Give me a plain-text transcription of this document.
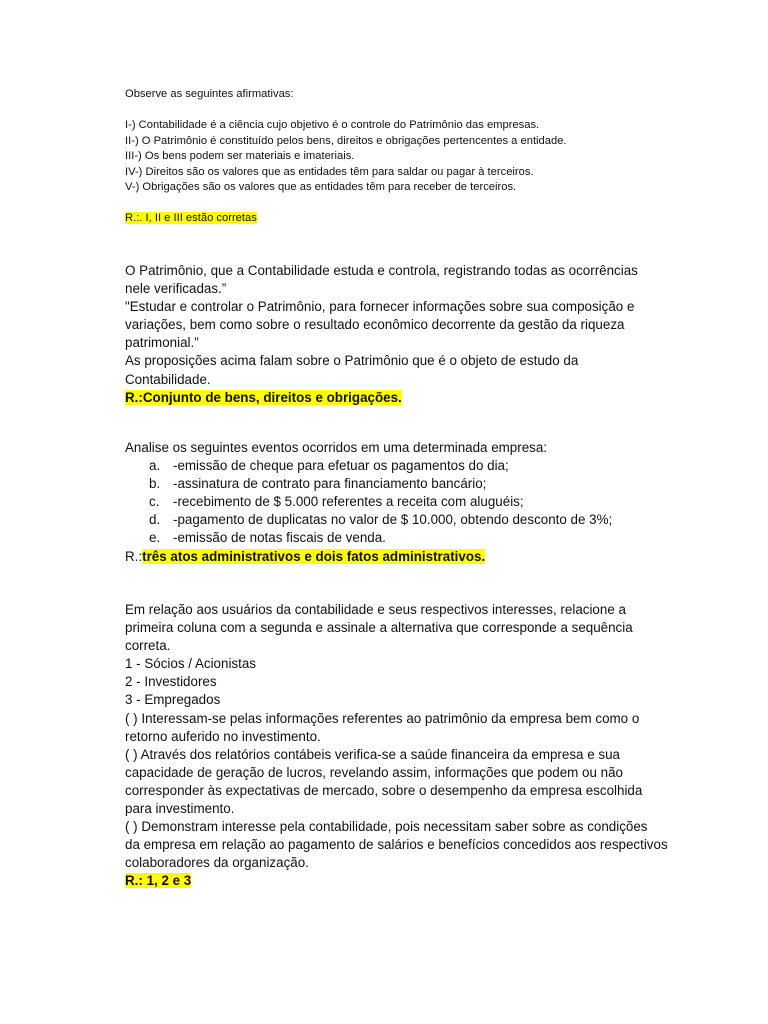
Observe as seguintes afirmativas:
I-) Contabilidade é a ciência cujo objetivo é o controle do Patrimônio das empresas.
II-) O Patrimônio é constituído pelos bens, direitos e obrigações pertencentes a entidade.
III-) Os bens podem ser materiais e imateriais.
IV-) Direitos são os valores que as entidades têm para saldar ou pagar à terceiros.
V-) Obrigações são os valores que as entidades têm para receber de terceiros.
R.:. I, II e III estão corretas
O Patrimônio, que a Contabilidade estuda e controla, registrando todas as ocorrências
nele verificadas.”
"Estudar e controlar o Patrimônio, para fornecer informações sobre sua composição e
variações, bem como sobre o resultado econômico decorrente da gestão da riqueza
patrimonial.”
As proposições acima falam sobre o Patrimônio que é o objeto de estudo da
Contabilidade.
R.:Conjunto de bens, direitos e obrigações.
Analise os seguintes eventos ocorridos em uma determinada empresa:
a. -emissão de cheque para efetuar os pagamentos do dia;
b. -assinatura de contrato para financiamento bancário;
c. -recebimento de $ 5.000 referentes a receita com aluguéis;
d. -pagamento de duplicatas no valor de $ 10.000, obtendo desconto de 3%;
e. -emissão de notas fiscais de venda.
R.:três atos administrativos e dois fatos administrativos.
Em relação aos usuários da contabilidade e seus respectivos interesses, relacione a
primeira coluna com a segunda e assinale a alternativa que corresponde a sequência
correta.
1 - Sócios / Acionistas
2 - Investidores
3 - Empregados
( ) Interessam-se pelas informações referentes ao patrimônio da empresa bem como o
retorno auferido no investimento.
( ) Através dos relatórios contábeis verifica-se a saúde financeira da empresa e sua
capacidade de geração de lucros, revelando assim, informações que podem ou não
corresponder às expectativas de mercado, sobre o desempenho da empresa escolhida
para investimento.
( ) Demonstram interesse pela contabilidade, pois necessitam saber sobre as condições
da empresa em relação ao pagamento de salários e benefícios concedidos aos respectivos
colaboradores da organização.
R.: 1, 2 e 3
